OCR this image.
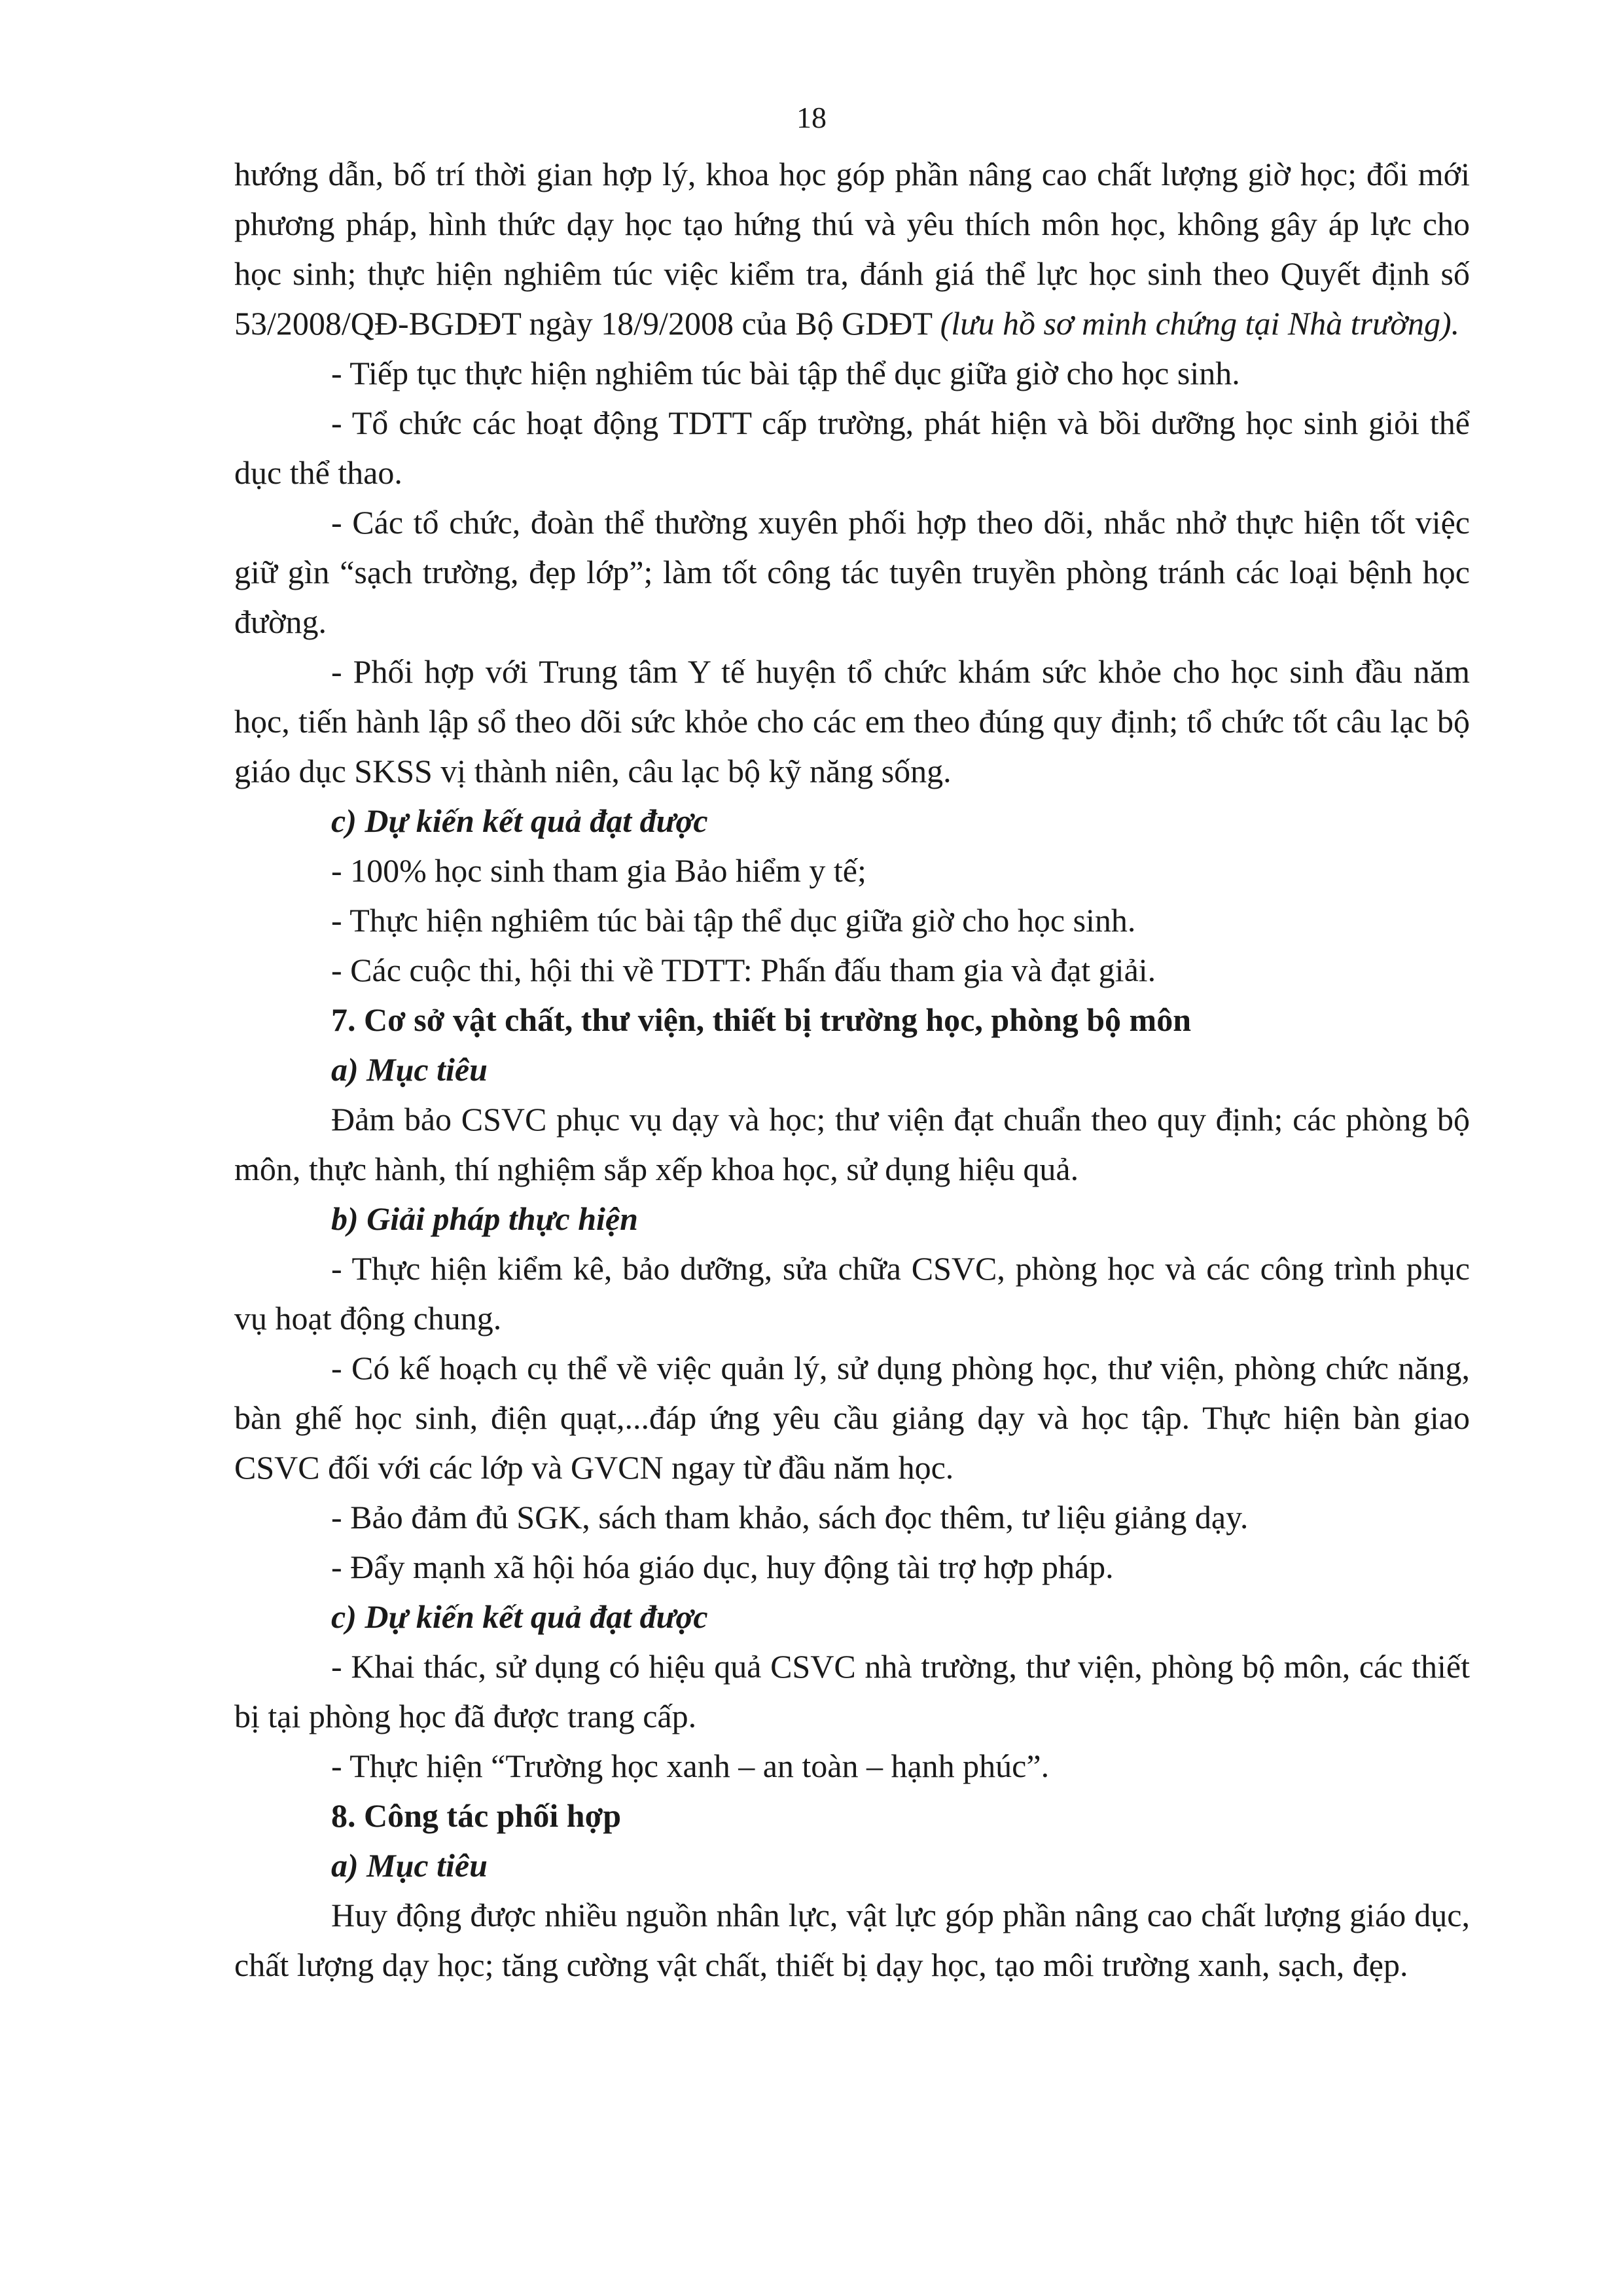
18

hướng dẫn, bố trí thời gian hợp lý, khoa học góp phần nâng cao chất lượng giờ học; đổi mới phương pháp, hình thức dạy học tạo hứng thú và yêu thích môn học, không gây áp lực cho học sinh; thực hiện nghiêm túc việc kiểm tra, đánh giá thể lực học sinh theo Quyết định số 53/2008/QĐ-BGDĐT ngày 18/9/2008 của Bộ GDĐT (lưu hồ sơ minh chứng tại Nhà trường).

- Tiếp tục thực hiện nghiêm túc bài tập thể dục giữa giờ cho học sinh.

- Tổ chức các hoạt động TDTT cấp trường, phát hiện và bồi dưỡng học sinh giỏi thể dục thể thao.

- Các tổ chức, đoàn thể thường xuyên phối hợp theo dõi, nhắc nhở thực hiện tốt việc giữ gìn “sạch trường, đẹp lớp”; làm tốt công tác tuyên truyền phòng tránh các loại bệnh học đường.

- Phối hợp với Trung tâm Y tế huyện tổ chức khám sức khỏe cho học sinh đầu năm học, tiến hành lập sổ theo dõi sức khỏe cho các em theo đúng quy định; tổ chức tốt câu lạc bộ giáo dục SKSS vị thành niên, câu lạc bộ kỹ năng sống.

c) Dự kiến kết quả đạt được

- 100% học sinh tham gia Bảo hiểm y tế;

- Thực hiện nghiêm túc bài tập thể dục giữa giờ cho học sinh.

- Các cuộc thi, hội thi về TDTT: Phấn đấu tham gia và đạt giải.

7. Cơ sở vật chất, thư viện, thiết bị trường học, phòng bộ môn

a) Mục tiêu

Đảm bảo CSVC phục vụ dạy và học; thư viện đạt chuẩn theo quy định; các phòng bộ môn, thực hành, thí nghiệm sắp xếp khoa học, sử dụng hiệu quả.

b) Giải pháp thực hiện

- Thực hiện kiểm kê, bảo dưỡng, sửa chữa CSVC, phòng học và các công trình phục vụ hoạt động chung.

- Có kế hoạch cụ thể về việc quản lý, sử dụng phòng học, thư viện, phòng chức năng, bàn ghế học sinh, điện quạt,...đáp ứng yêu cầu giảng dạy và học tập. Thực hiện bàn giao CSVC đối với các lớp và GVCN ngay từ đầu năm học.

- Bảo đảm đủ SGK, sách tham khảo, sách đọc thêm, tư liệu giảng dạy.

- Đẩy mạnh xã hội hóa giáo dục, huy động tài trợ hợp pháp.

c) Dự kiến kết quả đạt được

- Khai thác, sử dụng có hiệu quả CSVC nhà trường, thư viện, phòng bộ môn, các thiết bị tại phòng học đã được trang cấp.

- Thực hiện “Trường học xanh – an toàn – hạnh phúc”.

8. Công tác phối hợp

a) Mục tiêu

Huy động được nhiều nguồn nhân lực, vật lực góp phần nâng cao chất lượng giáo dục, chất lượng dạy học; tăng cường vật chất, thiết bị dạy học, tạo môi trường xanh, sạch, đẹp.
